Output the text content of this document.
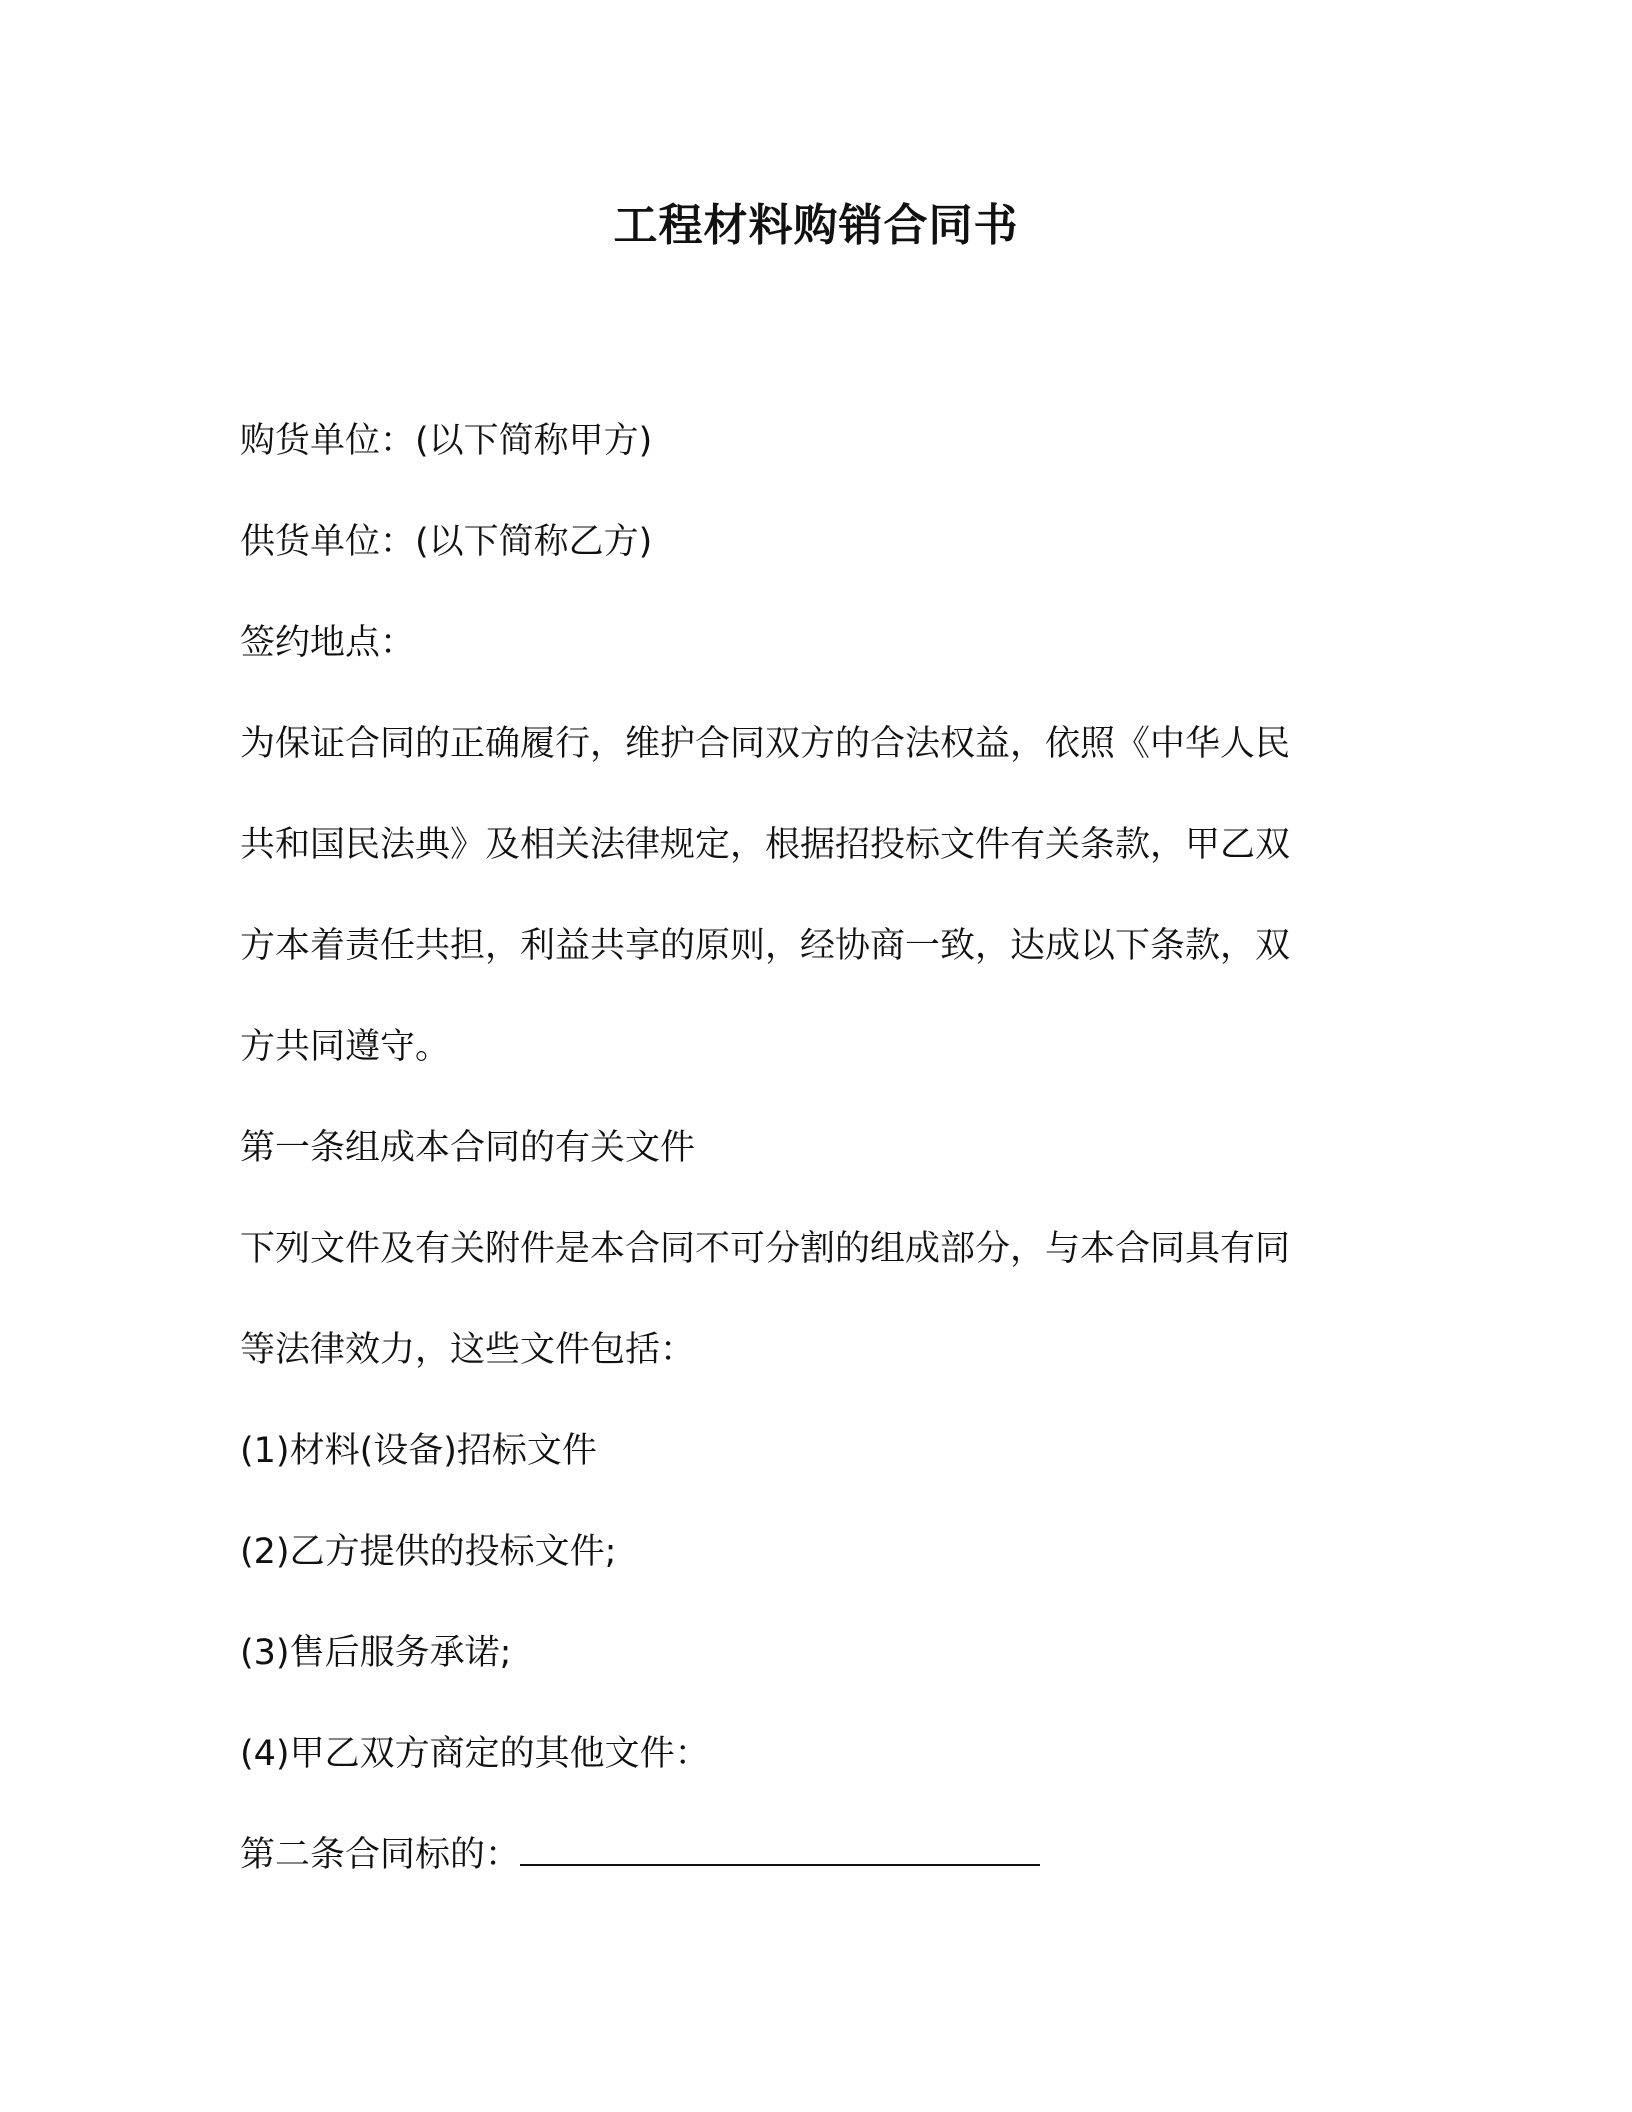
工程材料购销合同书
购货单位：(以下简称甲方)
供货单位：(以下简称乙方)
签约地点：
为保证合同的正确履行，维护合同双方的合法权益，依照《中华人民
共和国民法典》及相关法律规定，根据招投标文件有关条款，甲乙双
方本着责任共担，利益共享的原则，经协商一致，达成以下条款，双
方共同遵守。
第一条组成本合同的有关文件
下列文件及有关附件是本合同不可分割的组成部分，与本合同具有同
等法律效力，这些文件包括：
(1)材料(设备)招标文件
(2)乙方提供的投标文件;
(3)售后服务承诺;
(4)甲乙双方商定的其他文件：
第二条合同标的：
